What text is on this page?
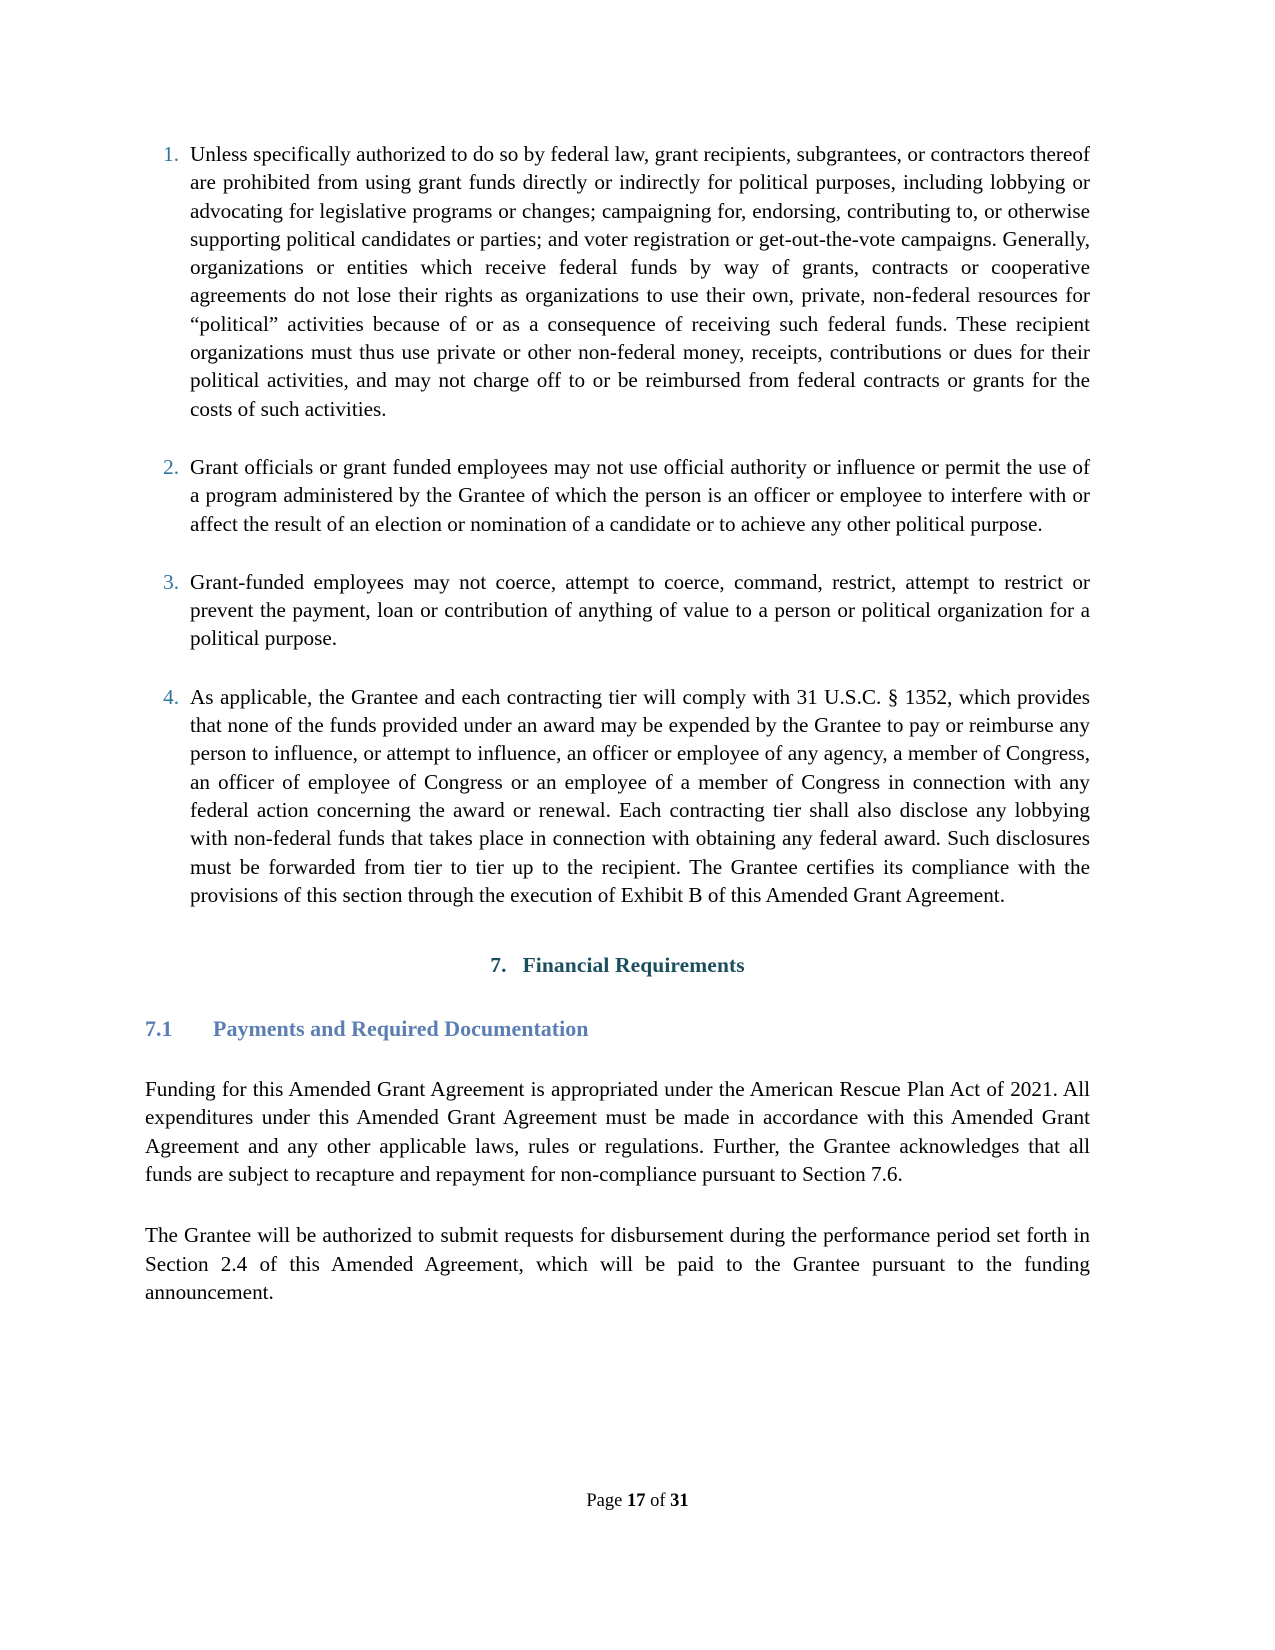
1. Unless specifically authorized to do so by federal law, grant recipients, subgrantees, or contractors thereof are prohibited from using grant funds directly or indirectly for political purposes, including lobbying or advocating for legislative programs or changes; campaigning for, endorsing, contributing to, or otherwise supporting political candidates or parties; and voter registration or get-out-the-vote campaigns. Generally, organizations or entities which receive federal funds by way of grants, contracts or cooperative agreements do not lose their rights as organizations to use their own, private, non-federal resources for “political” activities because of or as a consequence of receiving such federal funds. These recipient organizations must thus use private or other non-federal money, receipts, contributions or dues for their political activities, and may not charge off to or be reimbursed from federal contracts or grants for the costs of such activities.
2. Grant officials or grant funded employees may not use official authority or influence or permit the use of a program administered by the Grantee of which the person is an officer or employee to interfere with or affect the result of an election or nomination of a candidate or to achieve any other political purpose.
3. Grant-funded employees may not coerce, attempt to coerce, command, restrict, attempt to restrict or prevent the payment, loan or contribution of anything of value to a person or political organization for a political purpose.
4. As applicable, the Grantee and each contracting tier will comply with 31 U.S.C. § 1352, which provides that none of the funds provided under an award may be expended by the Grantee to pay or reimburse any person to influence, or attempt to influence, an officer or employee of any agency, a member of Congress, an officer of employee of Congress or an employee of a member of Congress in connection with any federal action concerning the award or renewal. Each contracting tier shall also disclose any lobbying with non-federal funds that takes place in connection with obtaining any federal award. Such disclosures must be forwarded from tier to tier up to the recipient. The Grantee certifies its compliance with the provisions of this section through the execution of Exhibit B of this Amended Grant Agreement.
7. Financial Requirements
7.1	Payments and Required Documentation

Funding for this Amended Grant Agreement is appropriated under the American Rescue Plan Act of 2021. All expenditures under this Amended Grant Agreement must be made in accordance with this Amended Grant Agreement and any other applicable laws, rules or regulations. Further, the Grantee acknowledges that all funds are subject to recapture and repayment for non-compliance pursuant to Section 7.6.

The Grantee will be authorized to submit requests for disbursement during the performance period set forth in Section 2.4 of this Amended Agreement, which will be paid to the Grantee pursuant to the funding announcement.

Page 17 of 31
